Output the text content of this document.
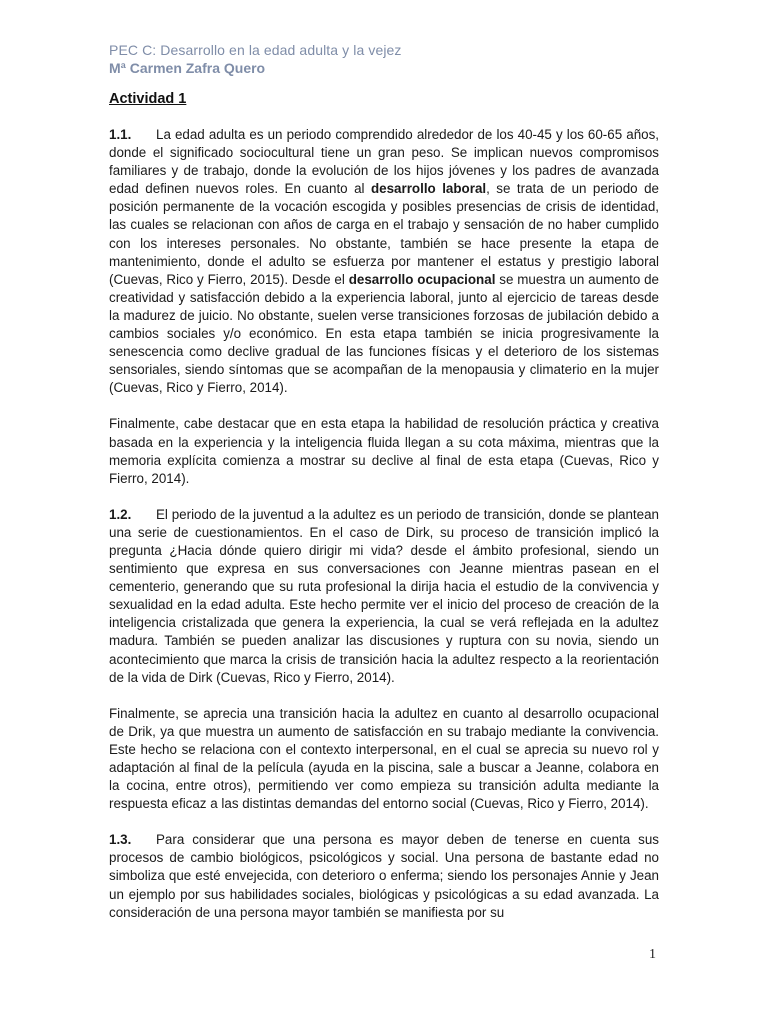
PEC C: Desarrollo en la edad adulta y la vejez
Mª Carmen Zafra Quero
Actividad 1

1.1. La edad adulta es un periodo comprendido alrededor de los 40-45 y los 60-65 años, donde el significado sociocultural tiene un gran peso. Se implican nuevos compromisos familiares y de trabajo, donde la evolución de los hijos jóvenes y los padres de avanzada edad definen nuevos roles. En cuanto al desarrollo laboral, se trata de un periodo de posición permanente de la vocación escogida y posibles presencias de crisis de identidad, las cuales se relacionan con años de carga en el trabajo y sensación de no haber cumplido con los intereses personales. No obstante, también se hace presente la etapa de mantenimiento, donde el adulto se esfuerza por mantener el estatus y prestigio laboral (Cuevas, Rico y Fierro, 2015). Desde el desarrollo ocupacional se muestra un aumento de creatividad y satisfacción debido a la experiencia laboral, junto al ejercicio de tareas desde la madurez de juicio. No obstante, suelen verse transiciones forzosas de jubilación debido a cambios sociales y/o económico. En esta etapa también se inicia progresivamente la senescencia como declive gradual de las funciones físicas y el deterioro de los sistemas sensoriales, siendo síntomas que se acompañan de la menopausia y climaterio en la mujer (Cuevas, Rico y Fierro, 2014).

Finalmente, cabe destacar que en esta etapa la habilidad de resolución práctica y creativa basada en la experiencia y la inteligencia fluida llegan a su cota máxima, mientras que la memoria explícita comienza a mostrar su declive al final de esta etapa (Cuevas, Rico y Fierro, 2014).

1.2. El periodo de la juventud a la adultez es un periodo de transición, donde se plantean una serie de cuestionamientos. En el caso de Dirk, su proceso de transición implicó la pregunta ¿Hacia dónde quiero dirigir mi vida? desde el ámbito profesional, siendo un sentimiento que expresa en sus conversaciones con Jeanne mientras pasean en el cementerio, generando que su ruta profesional la dirija hacia el estudio de la convivencia y sexualidad en la edad adulta. Este hecho permite ver el inicio del proceso de creación de la inteligencia cristalizada que genera la experiencia, la cual se verá reflejada en la adultez madura. También se pueden analizar las discusiones y ruptura con su novia, siendo un acontecimiento que marca la crisis de transición hacia la adultez respecto a la reorientación de la vida de Dirk (Cuevas, Rico y Fierro, 2014).

Finalmente, se aprecia una transición hacia la adultez en cuanto al desarrollo ocupacional de Drik, ya que muestra un aumento de satisfacción en su trabajo mediante la convivencia. Este hecho se relaciona con el contexto interpersonal, en el cual se aprecia su nuevo rol y adaptación al final de la película (ayuda en la piscina, sale a buscar a Jeanne, colabora en la cocina, entre otros), permitiendo ver como empieza su transición adulta mediante la respuesta eficaz a las distintas demandas del entorno social (Cuevas, Rico y Fierro, 2014).

1.3. Para considerar que una persona es mayor deben de tenerse en cuenta sus procesos de cambio biológicos, psicológicos y social. Una persona de bastante edad no simboliza que esté envejecida, con deterioro o enferma; siendo los personajes Annie y Jean un ejemplo por sus habilidades sociales, biológicas y psicológicas a su edad avanzada. La consideración de una persona mayor también se manifiesta por su

1
